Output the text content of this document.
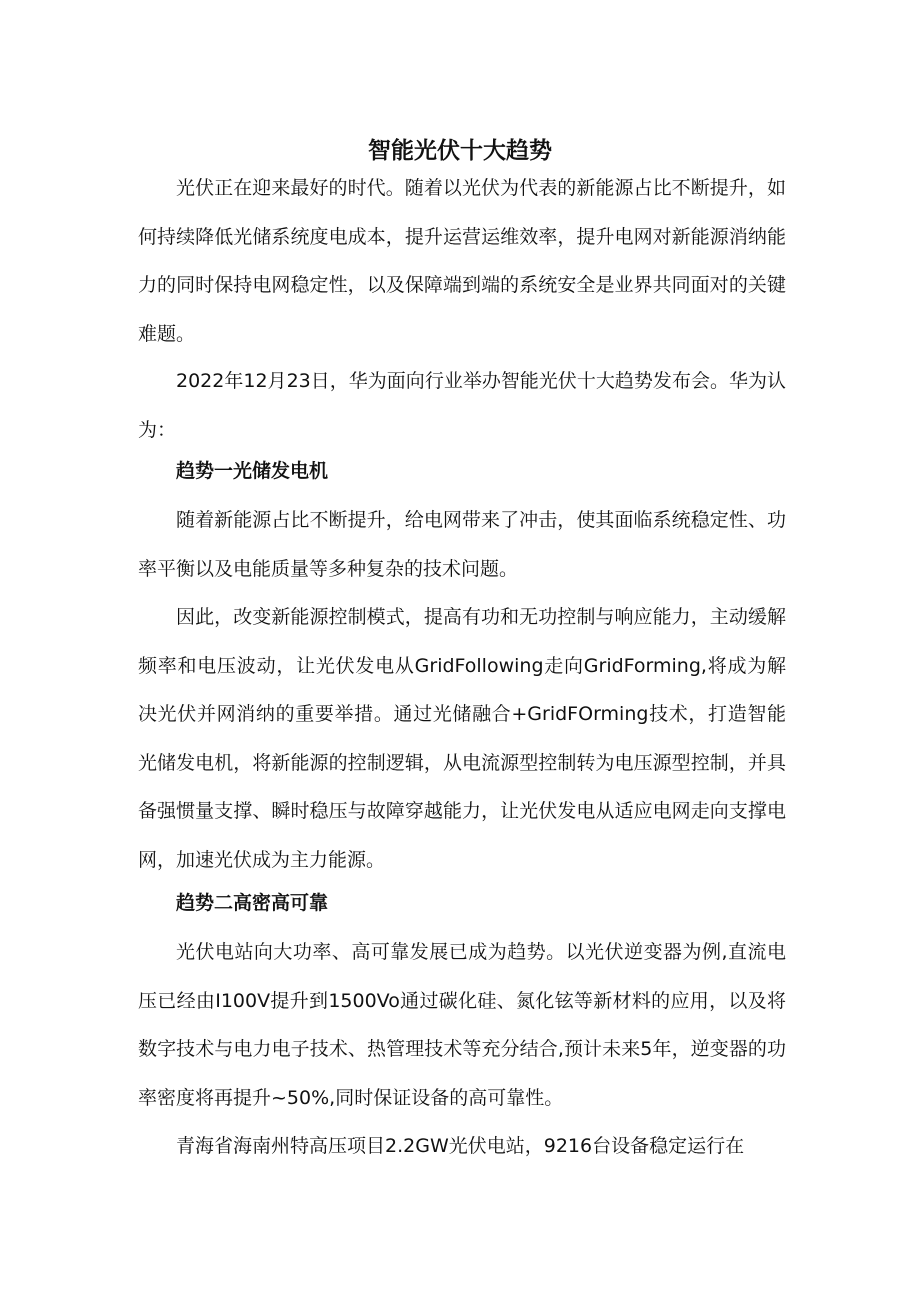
智能光伏十大趋势

光伏正在迎来最好的时代。随着以光伏为代表的新能源占比不断提升，如何持续降低光储系统度电成本，提升运营运维效率，提升电网对新能源消纳能力的同时保持电网稳定性，以及保障端到端的系统安全是业界共同面对的关键难题。

2022年12月23日，华为面向行业举办智能光伏十大趋势发布会。华为认为：

趋势一光储发电机

随着新能源占比不断提升，给电网带来了冲击，使其面临系统稳定性、功率平衡以及电能质量等多种复杂的技术问题。

因此，改变新能源控制模式，提高有功和无功控制与响应能力，主动缓解频率和电压波动，让光伏发电从GridFollowing走向GridForming,将成为解决光伏并网消纳的重要举措。通过光储融合+GridFOrming技术，打造智能光储发电机，将新能源的控制逻辑，从电流源型控制转为电压源型控制，并具备强惯量支撑、瞬时稳压与故障穿越能力，让光伏发电从适应电网走向支撑电网，加速光伏成为主力能源。

趋势二高密高可靠

光伏电站向大功率、高可靠发展已成为趋势。以光伏逆变器为例,直流电压已经由I100V提升到1500Vo通过碳化硅、氮化铉等新材料的应用，以及将数字技术与电力电子技术、热管理技术等充分结合,预计未来5年，逆变器的功率密度将再提升~50%,同时保证设备的高可靠性。

青海省海南州特高压项目2.2GW光伏电站，9216台设备稳定运行在
